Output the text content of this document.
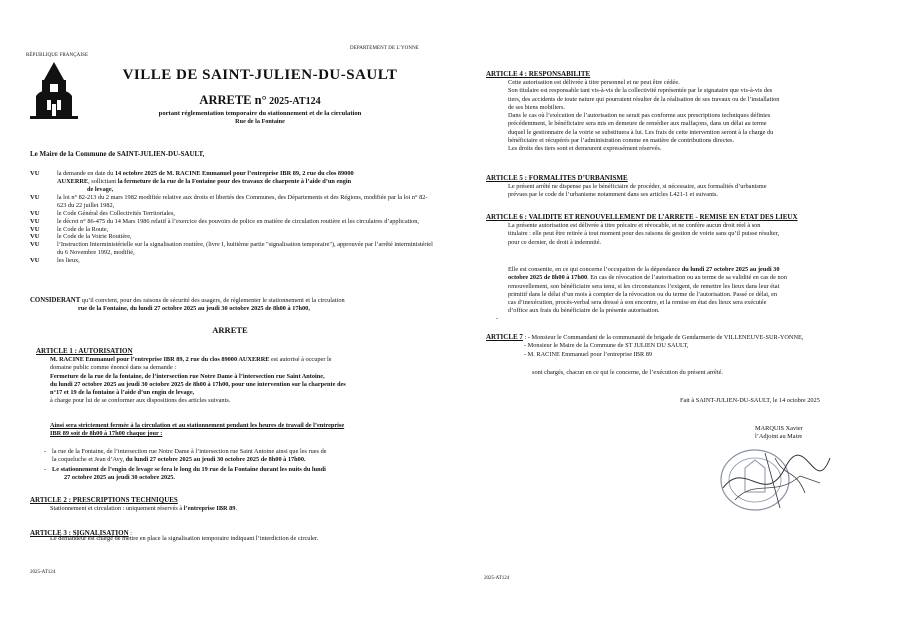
DEPARTEMENT DE L’YONNE
RÉPUBLIQUE FRANÇAISE
VILLE DE SAINT-JULIEN-DU-SAULT
ARRETE n° 2025-AT124
portant réglementation temporaire du stationnement et de la circulation
Rue de la Fontaine
Le Maire de la Commune de SAINT-JULIEN-DU-SAULT,
VU	la demande en date du 14 octobre 2025 de M. RACINE Emmanuel pour l’entreprise IBR 89, 2 rue du clos 89000
AUXERRE, sollicitant la fermeture de la rue de la Fontaine pour des travaux de charpente à l’aide d’un engin
de levage,
VU	la loi n° 82-213 du 2 mars 1982 modifiée relative aux droits et libertés des Communes, des Départements et des Régions, modifiée par la loi n° 82-623 du 22 juillet 1982,
VU	le Code Général des Collectivités Territoriales,
VU	le décret n° 86-475 du 14 Mars 1986 relatif à l’exercice des pouvoirs de police en matière de circulation routière et les circulaires d’application,
VU	le Code de la Route,
VU	le Code de la Voirie Routière,
VU	l’Instruction Interministérielle sur la signalisation routière, (livre I, huitième partie "signalisation temporaire"), approuvée par l’arrêté interministériel du 6 Novembre 1992, modifié,
VU	les lieux,
CONSIDERANT qu’il convient, pour des raisons de sécurité des usagers, de réglementer le stationnement et la circulation
rue de la Fontaine, du lundi 27 octobre 2025 au jeudi 30 octobre 2025 de 8h00 à 17h00,
ARRETE
ARTICLE 1 : AUTORISATION
M. RACINE Emmanuel pour l’entreprise IBR 89, 2 rue du clos 89000 AUXERRE est autorisé à occuper le
domaine public comme énoncé dans sa demande :
Fermeture de la rue de la fontaine, de l’intersection rue Notre Dame à l’intersection rue Saint Antoine,
du lundi 27 octobre 2025 au jeudi 30 octobre 2025 de 8h00 à 17h00, pour une intervention sur la charpente des
n°17 et 19 de la fontaine à l’aide d’un engin de levage,
à charge pour lui de se conformer aux dispositions des articles suivants.
Ainsi sera strictement fermée à la circulation et au stationnement pendant les heures de travail de l’entreprise
IBR 89 soit de 8h00 à 17h00 chaque jour :
- la rue de la Fontaine, de l’intersection rue Notre Dame à l’intersection rue Saint Antoine ainsi que les rues de
la coqueluche et Jean d’Avy, du lundi 27 octobre 2025 au jeudi 30 octobre 2025 de 8h00 à 17h00.
- Le stationnement de l’engin de levage se fera le long du 19 rue de la Fontaine durant les nuits du lundi
27 octobre 2025 au jeudi 30 octobre 2025.
ARTICLE 2 : PRESCRIPTIONS TECHNIQUES
Stationnement et circulation : uniquement réservés à l’entreprise IBR 89.
ARTICLE 3 : SIGNALISATION :
Le demandeur est chargé de mettre en place la signalisation temporaire indiquant l’interdiction de circuler.
2025-AT124
ARTICLE 4 : RESPONSABILITE
Cette autorisation est délivrée à titre personnel et ne peut être cédée.
Son titulaire est responsable tant vis-à-vis de la collectivité représentée par le signataire que vis-à-vis des
tiers, des accidents de toute nature qui pourraient résulter de la réalisation de ses travaux ou de l’installation
de ses biens mobiliers.
Dans le cas où l’exécution de l’autorisation ne serait pas conforme aux prescriptions techniques définies
précédemment, le bénéficiaire sera mis en demeure de remédier aux malfaçons, dans un délai au terme
duquel le gestionnaire de la voirie se substituera à lui. Les frais de cette intervention seront à la charge du
bénéficiaire et récupérés par l’administration comme en matière de contributions directes.
Les droits des tiers sont et demeurent expressément réservés.
ARTICLE 5 : FORMALITES D’URBANISME
Le présent arrêté ne dispense pas le bénéficiaire de procéder, si nécessaire, aux formalités d’urbanisme
prévues par le code de l’urbanisme notamment dans ses articles L421-1 et suivants.
ARTICLE 6 : VALIDITE ET RENOUVELLEMENT DE L’ARRETE - REMISE EN ETAT DES LIEUX
La présente autorisation est délivrée à titre précaire et révocable, et ne confère aucun droit réel à son
titulaire : elle peut être retirée à tout moment pour des raisons de gestion de voirie sans qu’il puisse résulter,
pour ce dernier, de droit à indemnité.
Elle est consentie, en ce qui concerne l’occupation de la dépendance du lundi 27 octobre 2025 au jeudi 30
octobre 2025 de 8h00 à 17h00. En cas de révocation de l’autorisation ou au terme de sa validité en cas de non
renouvellement, son bénéficiaire sera tenu, si les circonstances l’exigent, de remettre les lieux dans leur état
primitif dans le délai d’un mois à compter de la révocation ou du terme de l’autorisation. Passé ce délai, en
cas d’inexécution, procès-verbal sera dressé à son encontre, et la remise en état des lieux sera exécutée
d’office aux frais du bénéficiaire de la présente autorisation.
-
ARTICLE 7 : - Monsieur le Commandant de la communauté de brigade de Gendarmerie de VILLENEUVE-SUR-YONNE,
- Monsieur le Maire de la Commune de ST JULIEN DU SAULT,
- M. RACINE Emmanuel pour l’entreprise IBR 89
sont chargés, chacun en ce qui le concerne, de l’exécution du présent arrêté.
Fait à SAINT-JULIEN-DU-SAULT, le 14 octobre 2025
MARQUIS Xavier
l’Adjoint au Maire
2025-AT124
